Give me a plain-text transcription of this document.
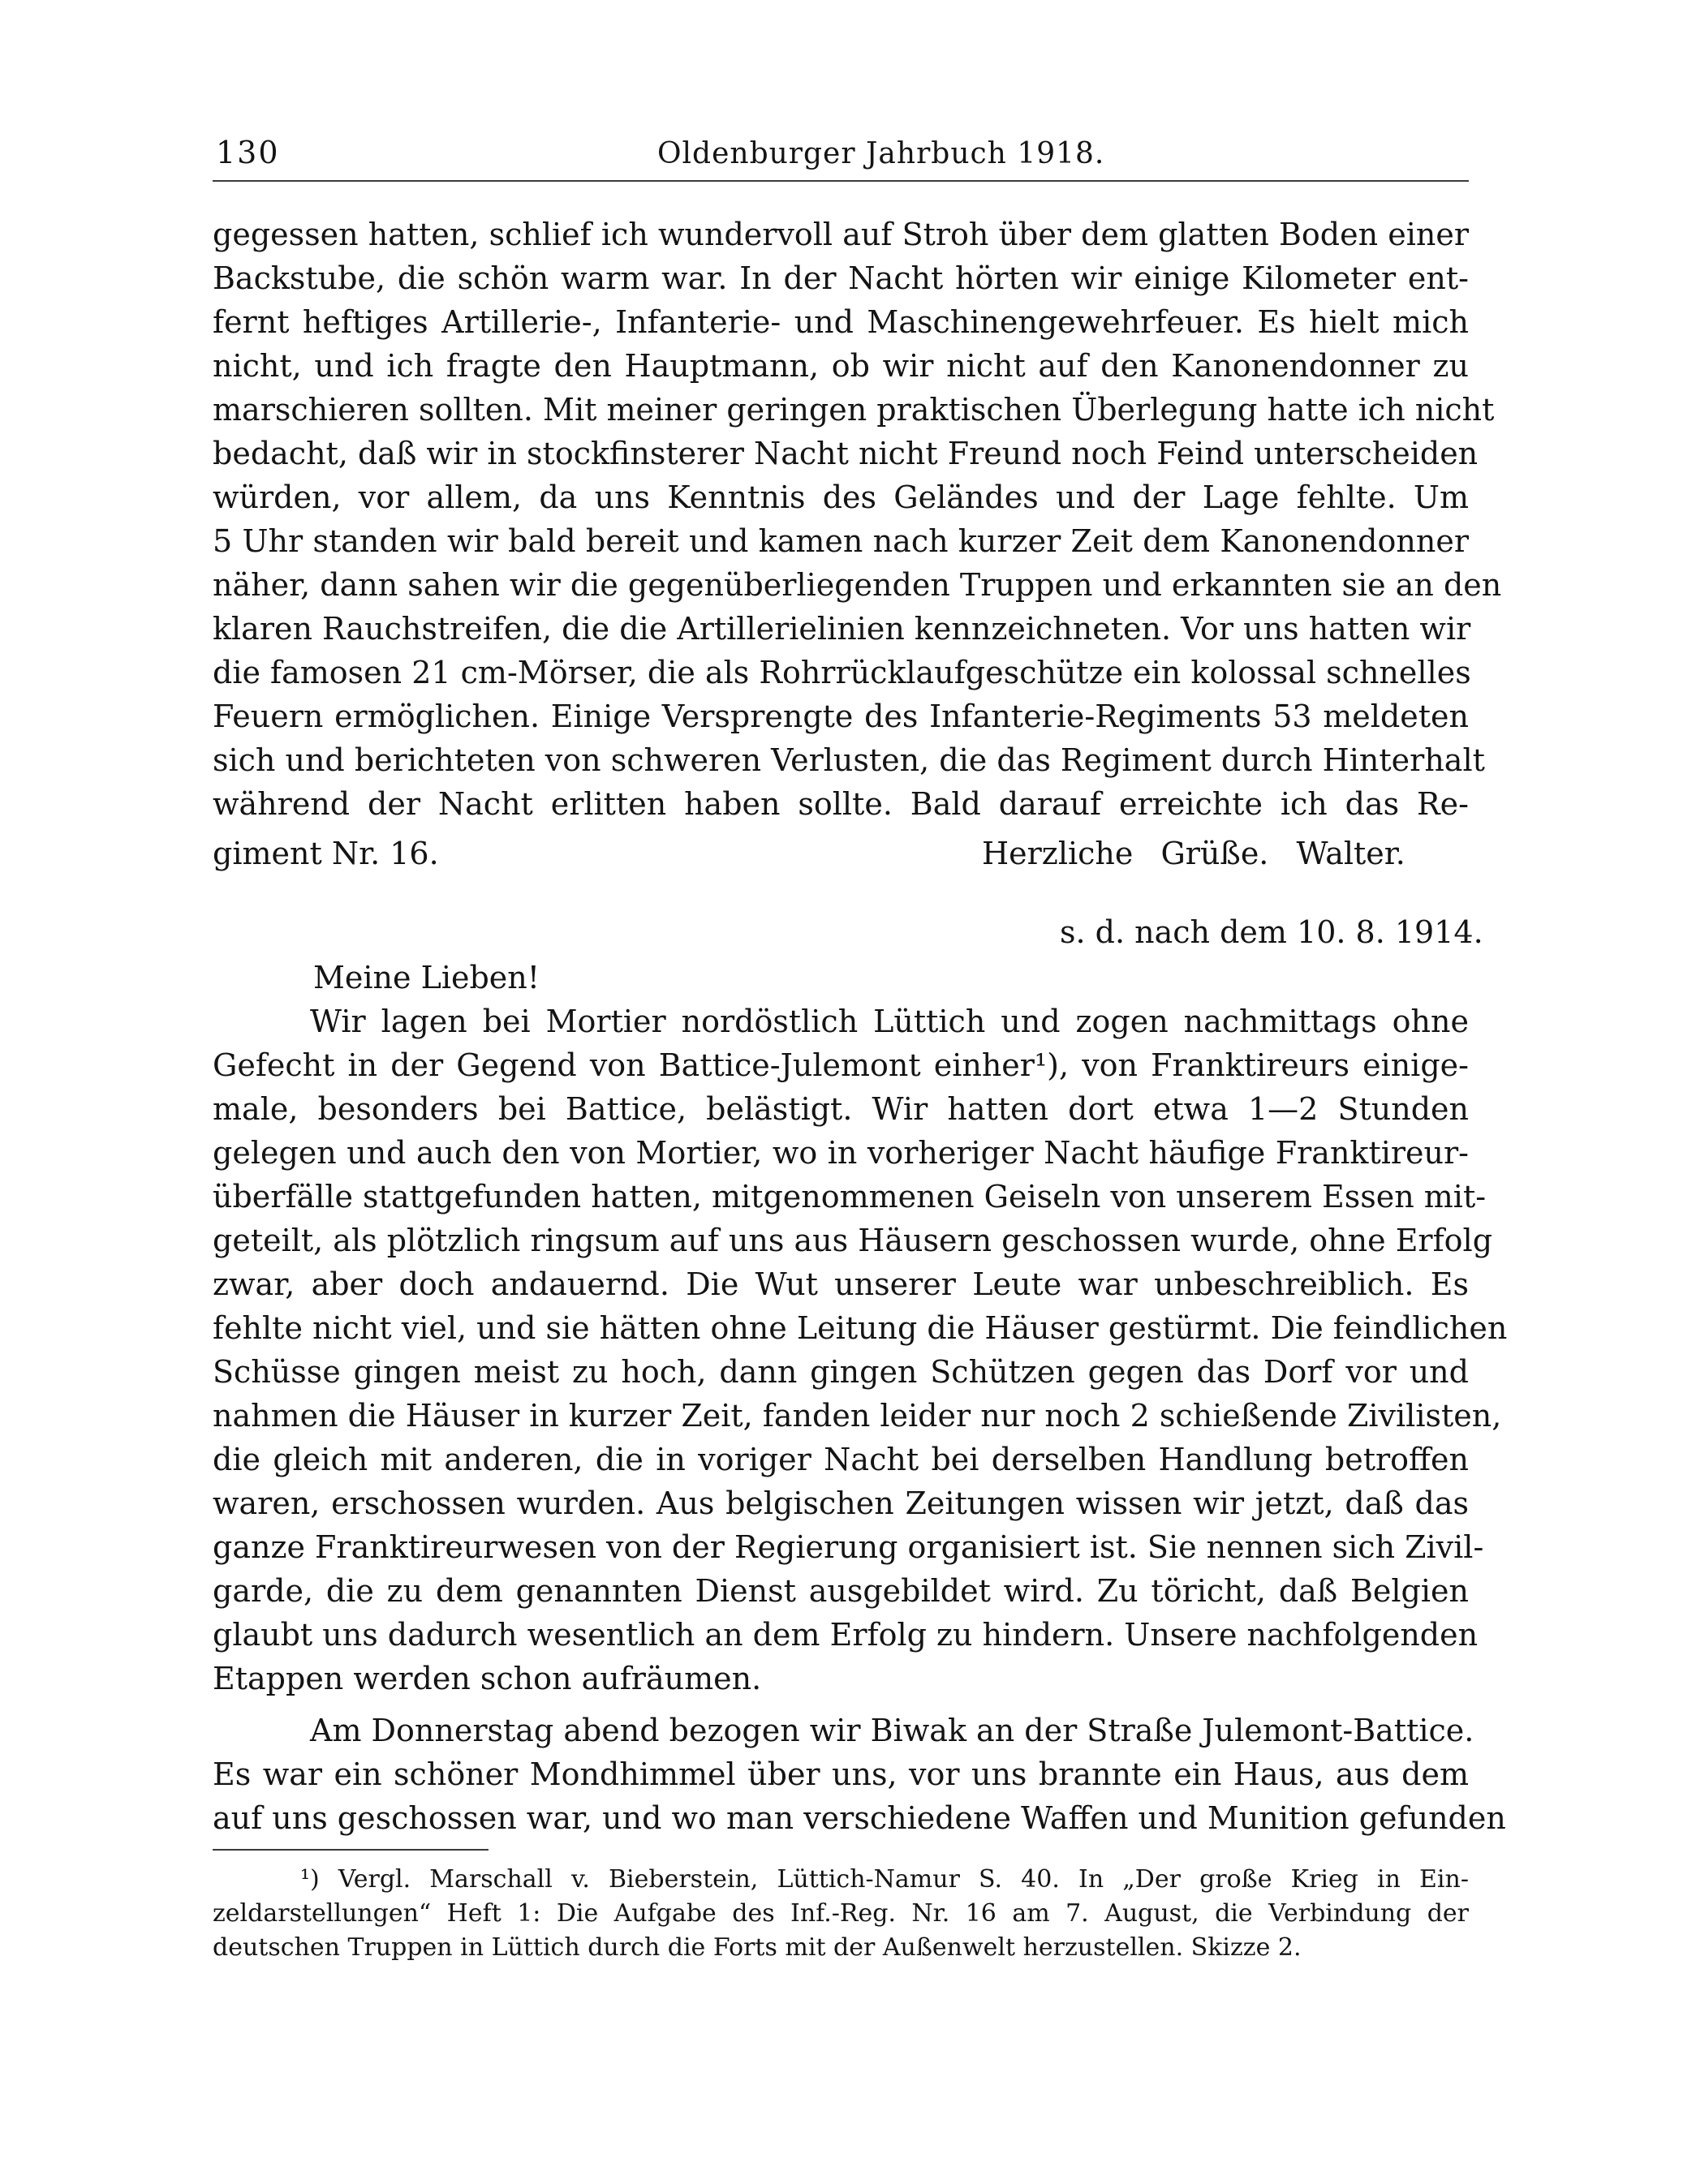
130	Oldenburger Jahrbuch 1918.
gegessen hatten, schlief ich wundervoll auf Stroh über dem glatten Boden einer
Backstube, die schön warm war. In der Nacht hörten wir einige Kilometer ent-
fernt heftiges Artillerie-, Infanterie- und Maschinengewehrfeuer. Es hielt mich
nicht, und ich fragte den Hauptmann, ob wir nicht auf den Kanonendonner zu
marschieren sollten. Mit meiner geringen praktischen Überlegung hatte ich nicht
bedacht, daß wir in stockfinsterer Nacht nicht Freund noch Feind unterscheiden
würden, vor allem, da uns Kenntnis des Geländes und der Lage fehlte. Um
5 Uhr standen wir bald bereit und kamen nach kurzer Zeit dem Kanonendonner
näher, dann sahen wir die gegenüberliegenden Truppen und erkannten sie an den
klaren Rauchstreifen, die die Artillerielinien kennzeichneten. Vor uns hatten wir
die famosen 21 cm-Mörser, die als Rohrrücklaufgeschütze ein kolossal schnelles
Feuern ermöglichen. Einige Versprengte des Infanterie-Regiments 53 meldeten
sich und berichteten von schweren Verlusten, die das Regiment durch Hinterhalt
während der Nacht erlitten haben sollte. Bald darauf erreichte ich das Re-
giment Nr. 16.	Herzliche Grüße. Walter.
s. d. nach dem 10. 8. 1914.
Meine Lieben!
Wir lagen bei Mortier nordöstlich Lüttich und zogen nachmittags ohne
Gefecht in der Gegend von Battice-Julemont einher¹), von Franktireurs einige-
male, besonders bei Battice, belästigt. Wir hatten dort etwa 1—2 Stunden
gelegen und auch den von Mortier, wo in vorheriger Nacht häufige Franktireur-
überfälle stattgefunden hatten, mitgenommenen Geiseln von unserem Essen mit-
geteilt, als plötzlich ringsum auf uns aus Häusern geschossen wurde, ohne Erfolg
zwar, aber doch andauernd. Die Wut unserer Leute war unbeschreiblich. Es
fehlte nicht viel, und sie hätten ohne Leitung die Häuser gestürmt. Die feindlichen
Schüsse gingen meist zu hoch, dann gingen Schützen gegen das Dorf vor und
nahmen die Häuser in kurzer Zeit, fanden leider nur noch 2 schießende Zivilisten,
die gleich mit anderen, die in voriger Nacht bei derselben Handlung betroffen
waren, erschossen wurden. Aus belgischen Zeitungen wissen wir jetzt, daß das
ganze Franktireurwesen von der Regierung organisiert ist. Sie nennen sich Zivil-
garde, die zu dem genannten Dienst ausgebildet wird. Zu töricht, daß Belgien
glaubt uns dadurch wesentlich an dem Erfolg zu hindern. Unsere nachfolgenden
Etappen werden schon aufräumen.
Am Donnerstag abend bezogen wir Biwak an der Straße Julemont-Battice.
Es war ein schöner Mondhimmel über uns, vor uns brannte ein Haus, aus dem
auf uns geschossen war, und wo man verschiedene Waffen und Munition gefunden
¹) Vergl. Marschall v. Bieberstein, Lüttich-Namur S. 40. In „Der große Krieg in Ein-
zeldarstellungen“ Heft 1: Die Aufgabe des Inf.-Reg. Nr. 16 am 7. August, die Verbindung der
deutschen Truppen in Lüttich durch die Forts mit der Außenwelt herzustellen. Skizze 2.
